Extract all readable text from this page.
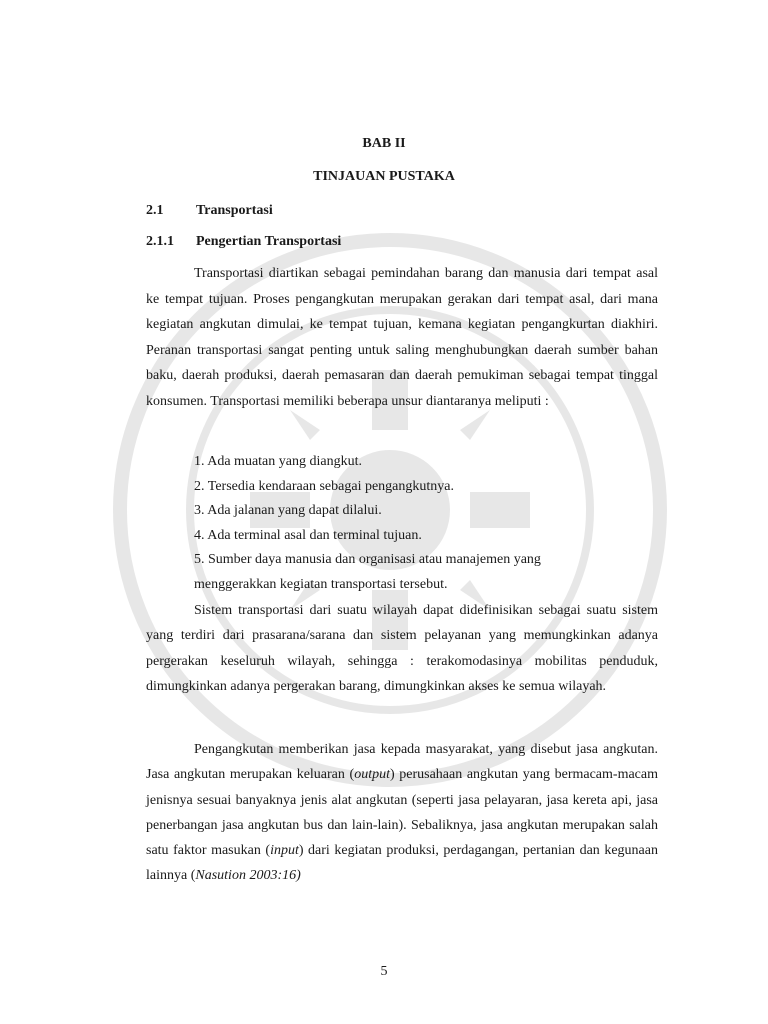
BAB II
TINJAUAN PUSTAKA
2.1 Transportasi
2.1.1 Pengertian Transportasi

Transportasi diartikan sebagai pemindahan barang dan manusia dari tempat asal ke tempat tujuan. Proses pengangkutan merupakan gerakan dari tempat asal, dari mana kegiatan angkutan dimulai, ke tempat tujuan, kemana kegiatan pengangkurtan diakhiri. Peranan transportasi sangat penting untuk saling menghubungkan daerah sumber bahan baku, daerah produksi, daerah pemasaran dan daerah pemukiman sebagai tempat tinggal konsumen. Transportasi memiliki beberapa unsur diantaranya meliputi :

1. Ada muatan yang diangkut.
2. Tersedia kendaraan sebagai pengangkutnya.
3. Ada jalanan yang dapat dilalui.
4. Ada terminal asal dan terminal tujuan.
5. Sumber daya manusia dan organisasi atau manajemen yang
menggerakkan kegiatan transportasi tersebut.

Sistem transportasi dari suatu wilayah dapat didefinisikan sebagai suatu sistem yang terdiri dari prasarana/sarana dan sistem pelayanan yang memungkinkan adanya pergerakan keseluruh wilayah, sehingga : terakomodasinya mobilitas penduduk, dimungkinkan adanya pergerakan barang, dimungkinkan akses ke semua wilayah.

Pengangkutan memberikan jasa kepada masyarakat, yang disebut jasa angkutan. Jasa angkutan merupakan keluaran (output) perusahaan angkutan yang bermacam-macam jenisnya sesuai banyaknya jenis alat angkutan (seperti jasa pelayaran, jasa kereta api, jasa penerbangan jasa angkutan bus dan lain-lain). Sebaliknya, jasa angkutan merupakan salah satu faktor masukan (input) dari kegiatan produksi, perdagangan, pertanian dan kegunaan lainnya (Nasution 2003:16)

5
